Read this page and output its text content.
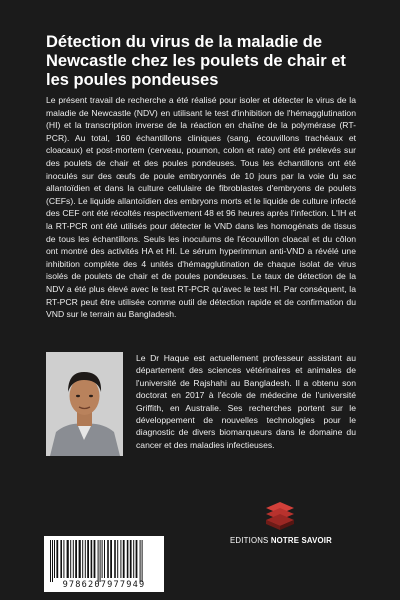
Détection du virus de la maladie de Newcastle chez les poulets de chair et les poules pondeuses
Le présent travail de recherche a été réalisé pour isoler et détecter le virus de la maladie de Newcastle (NDV) en utilisant le test d'inhibition de l'hémagglutination (HI) et la transcription inverse de la réaction en chaîne de la polymérase (RT-PCR). Au total, 160 échantillons cliniques (sang, écouvillons trachéaux et cloacaux) et post-mortem (cerveau, poumon, colon et rate) ont été prélevés sur des poulets de chair et des poules pondeuses. Tous les échantillons ont été inoculés sur des œufs de poule embryonnés de 10 jours par la voie du sac allantoïdien et dans la culture cellulaire de fibroblastes d'embryons de poulets (CEFs). Le liquide allantoïdien des embryons morts et le liquide de culture infecté des CEF ont été récoltés respectivement 48 et 96 heures après l'infection. L'IH et la RT-PCR ont été utilisés pour détecter le VND dans les homogénats de tissus de tous les échantillons. Seuls les inoculums de l'écouvillon cloacal et du côlon ont montré des activités HA et HI. Le sérum hyperimmun anti-VND a révélé une inhibition complète des 4 unités d'hémagglutination de chaque isolat de virus isolés de poulets de chair et de poules pondeuses. Le taux de détection de la NDV a été plus élevé avec le test RT-PCR qu'avec le test HI. Par conséquent, la RT-PCR peut être utilisée comme outil de détection rapide et de confirmation du VND sur le terrain au Bangladesh.
Le Dr Haque est actuellement professeur assistant au département des sciences vétérinaires et animales de l'université de Rajshahi au Bangladesh. Il a obtenu son doctorat en 2017 à l'école de médecine de l'université Griffith, en Australie. Ses recherches portent sur le développement de nouvelles technologies pour le diagnostic de divers biomarqueurs dans le domaine du cancer et des maladies infectieuses.
EDITIONS NOTRE SAVOIR
9786207977949
